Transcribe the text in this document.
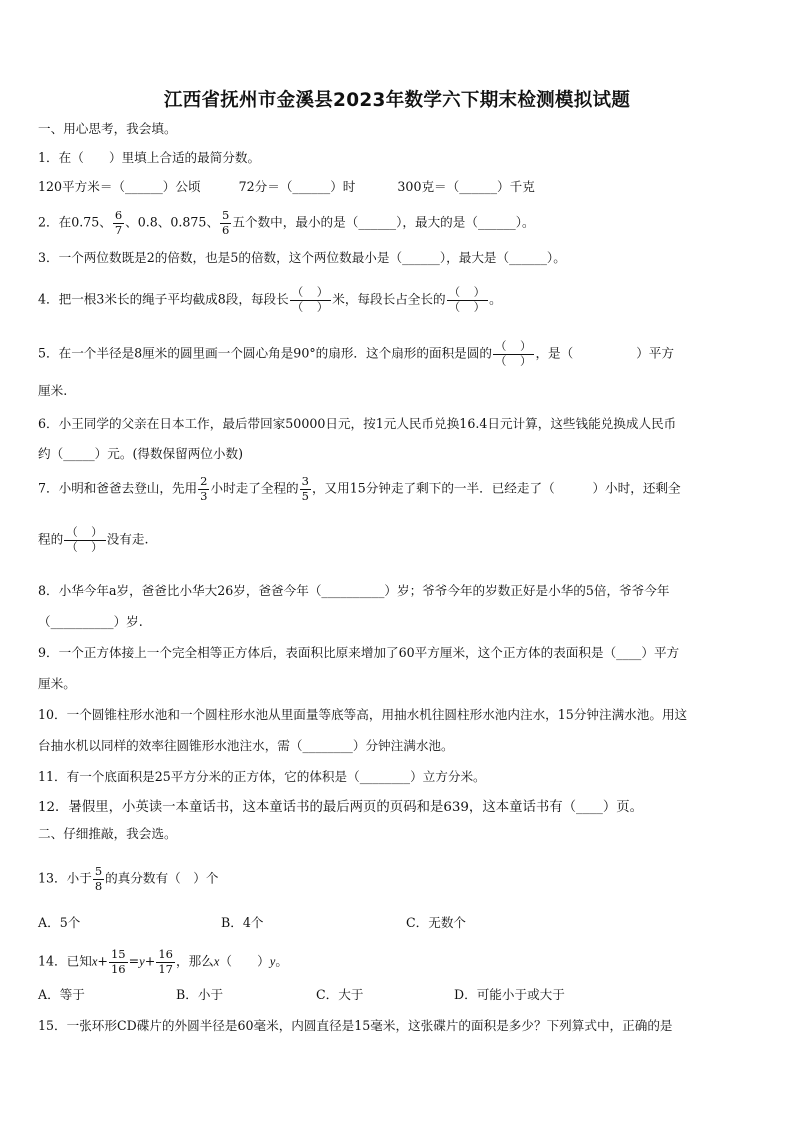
江西省抚州市金溪县2023年数学六下期末检测模拟试题
一、用心思考，我会填。
1．在（　　）里填上合适的最简分数。
120平方米＝（______）公顷	72分＝（______）时	300克＝（______）千克
2．在0.75、 $\frac{6}{7}$ 、0.8、0.875、 $\frac{5}{6}$ 五个数中，最小的是（______），最大的是（______）。
3．一个两位数既是2的倍数，也是5的倍数，这个两位数最小是（______），最大是（______）。
4．把一根3米长的绳子平均截成8段，每段长 $\frac{( )}{( )}$ 米，每段长占全长的 $\frac{( )}{( )}$ 。
5．在一个半径是8厘米的圆里画一个圆心角是90°的扇形．这个扇形的面积是圆的 $\frac{( )}{( )}$ ，是（　　　　　）平方
厘米.
6．小王同学的父亲在日本工作，最后带回家50000日元，按1元人民币兑换16.4日元计算，这些钱能兑换成人民币
约（_____）元。(得数保留两位小数)
7．小明和爸爸去登山，先用 $\frac{2}{3}$ 小时走了全程的 $\frac{3}{5}$ ，又用15分钟走了剩下的一半．已经走了（　　　）小时，还剩全
程的 $\frac{( )}{( )}$ 没有走.
8．小华今年a岁，爸爸比小华大26岁，爸爸今年（__________）岁；爷爷今年的岁数正好是小华的5倍，爷爷今年
（__________）岁.
9．一个正方体接上一个完全相等正方体后，表面积比原来增加了60平方厘米，这个正方体的表面积是（____）平方
厘米。
10．一个圆锥柱形水池和一个圆柱形水池从里面量等底等高，用抽水机往圆柱形水池内注水，15分钟注满水池。用这
台抽水机以同样的效率往圆锥形水池注水，需（________）分钟注满水池。
11．有一个底面积是25平方分米的正方体，它的体积是（________）立方分米。
12．暑假里，小英读一本童话书，这本童话书的最后两页的页码和是639，这本童话书有（____）页。
二、仔细推敲，我会选。
13．小于 $\frac{5}{8}$ 的真分数有（　）个
A．5个	B．4个	C．无数个
14．已知$x+ \frac{15}{16} =y+ \frac{16}{17}$ ，那么x（　　）y。
A．等于	B．小于	C．大于	D．可能小于或大于
15．一张环形CD碟片的外圆半径是60毫米，内圆直径是15毫米，这张碟片的面积是多少？下列算式中，正确的是
